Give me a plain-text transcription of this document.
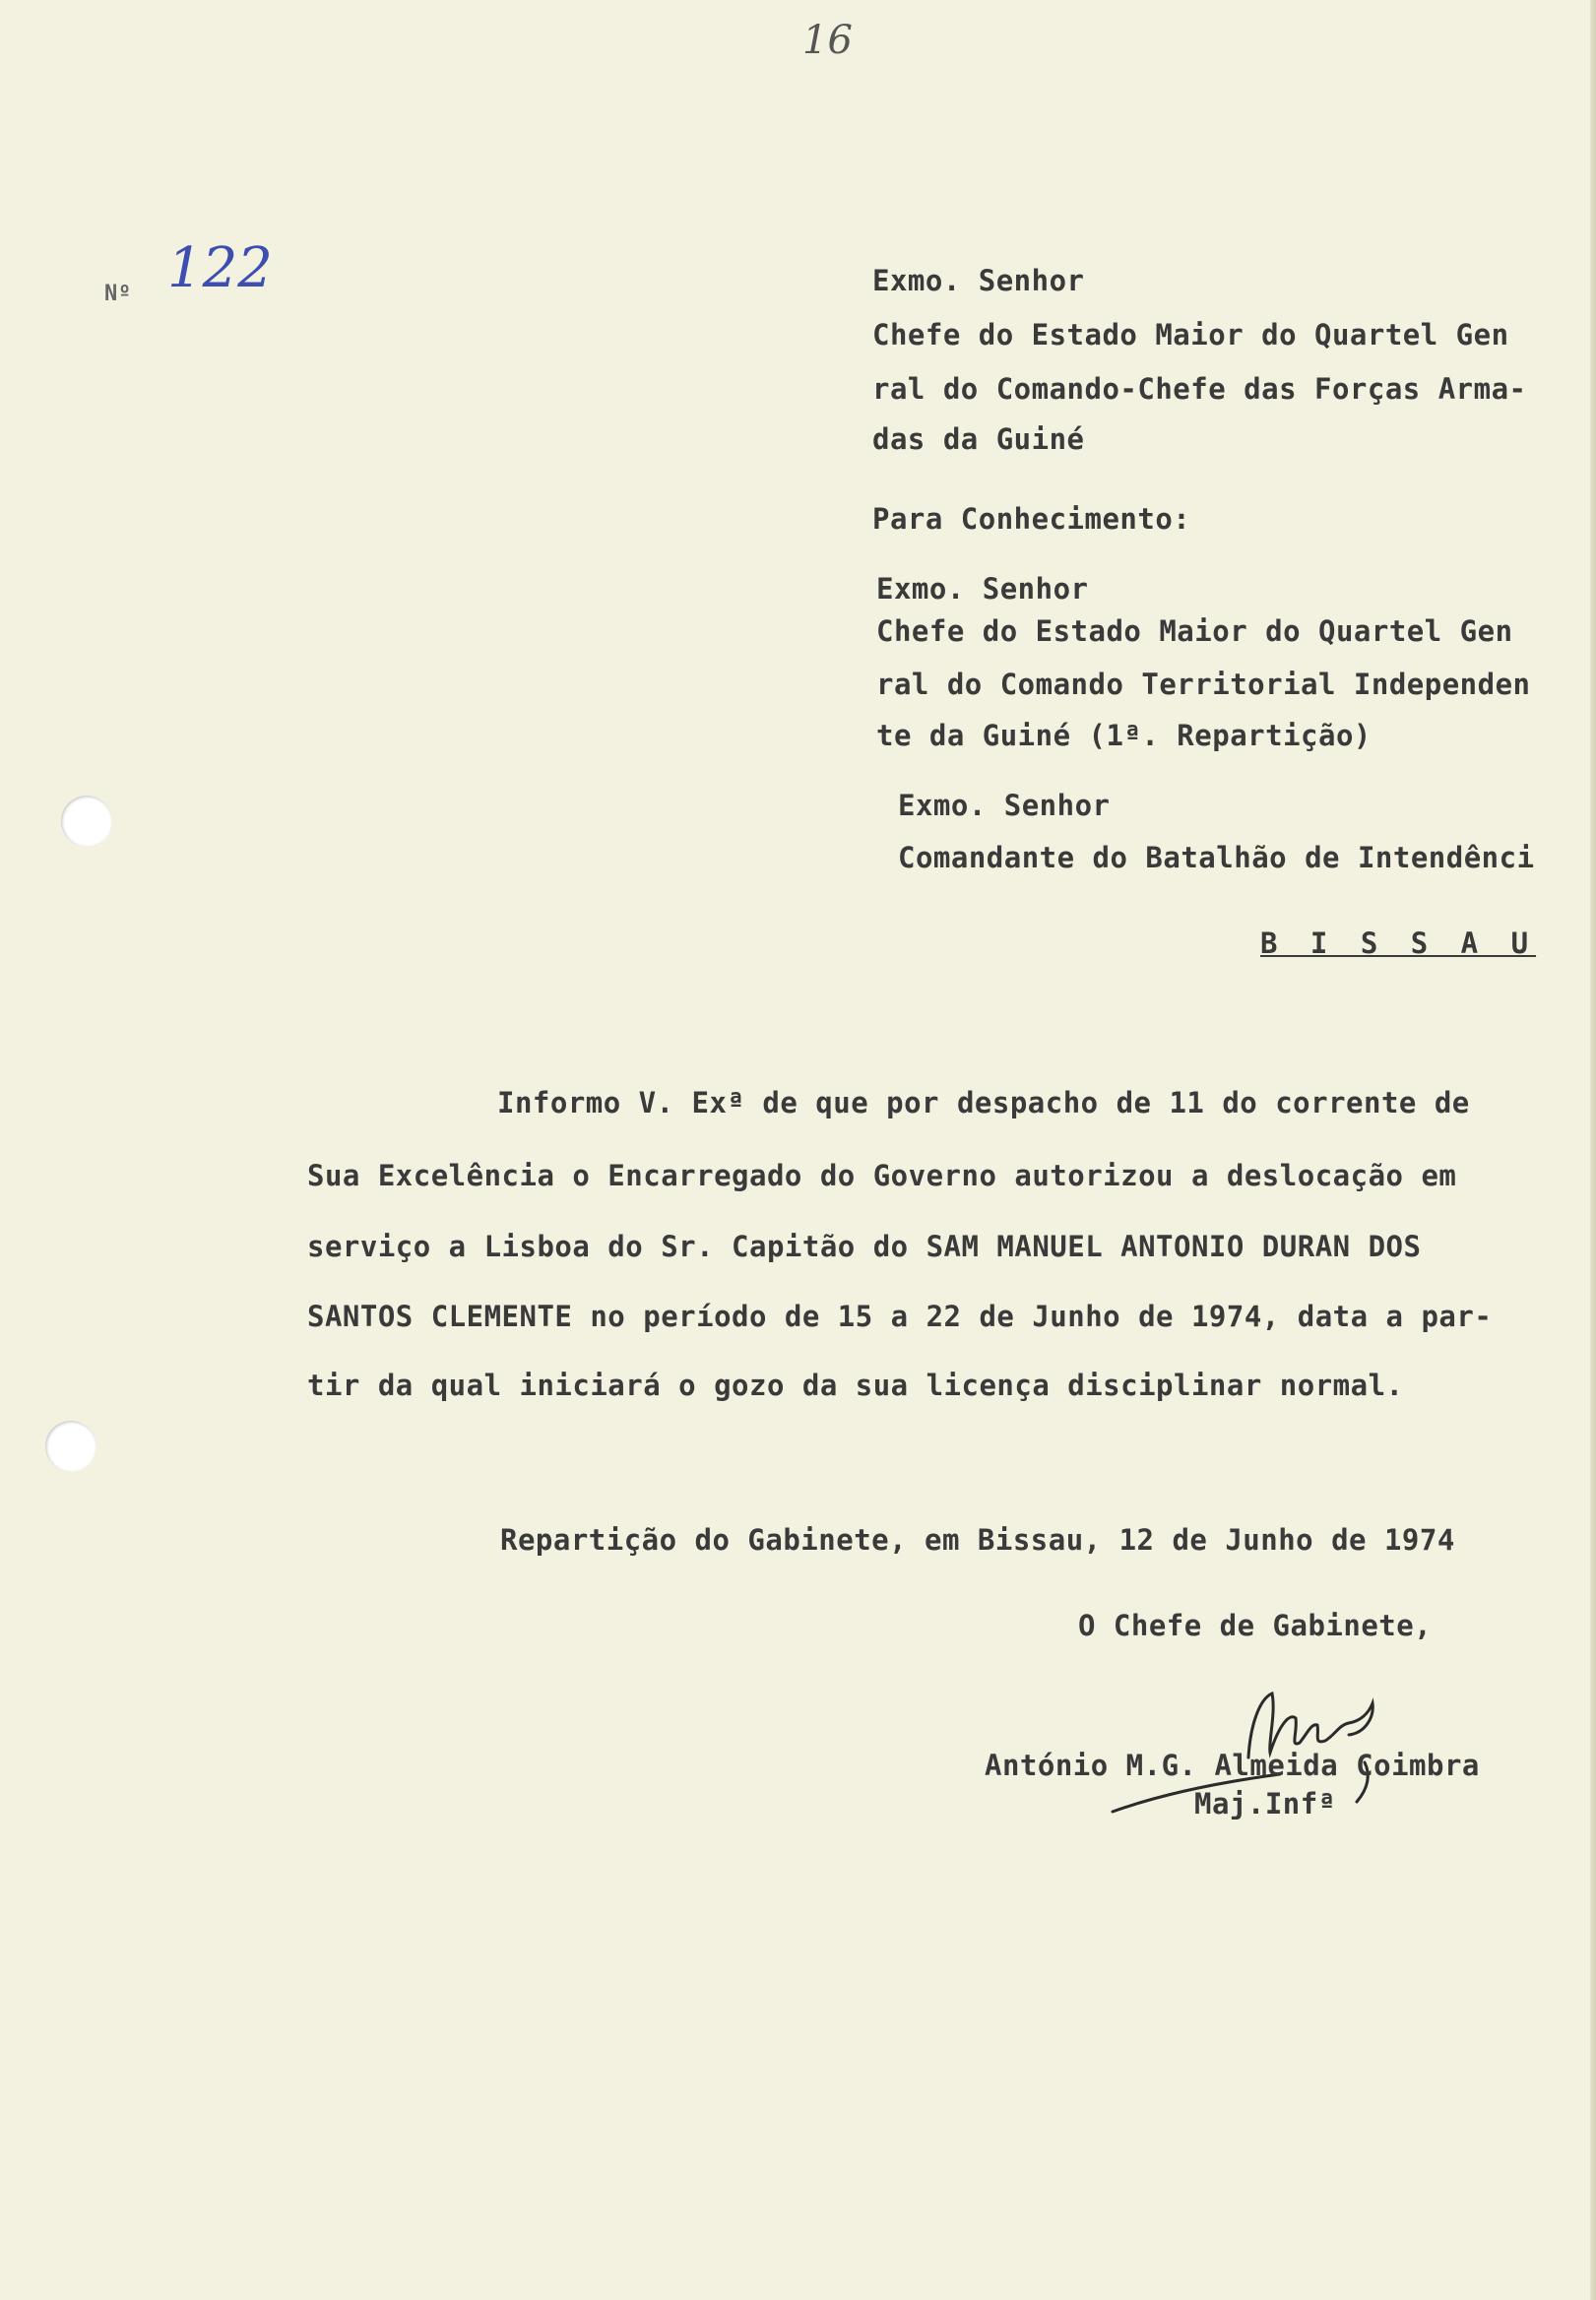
16
Nº 122	Exmo. Senhor
Chefe do Estado Maior do Quartel Gen
ral do Comando-Chefe das Forças Arma-
das da Guiné
Para Conhecimento:
Exmo. Senhor
Chefe do Estado Maior do Quartel Gen
ral do Comando Territorial Independen
te da Guiné (1ª. Repartição)
Exmo. Senhor
Comandante do Batalhão de Intendênci
B I S S A U
Informo V. Exª de que por despacho de 11 do corrente de
Sua Excelência o Encarregado do Governo autorizou a deslocação em
serviço a Lisboa do Sr. Capitão do SAM MANUEL ANTONIO DURAN DOS
SANTOS CLEMENTE no período de 15 a 22 de Junho de 1974, data a par-
tir da qual iniciará o gozo da sua licença disciplinar normal.
Repartição do Gabinete, em Bissau, 12 de Junho de 1974
O Chefe de Gabinete,
António M.G. Almeida Coimbra
Maj.Infª
